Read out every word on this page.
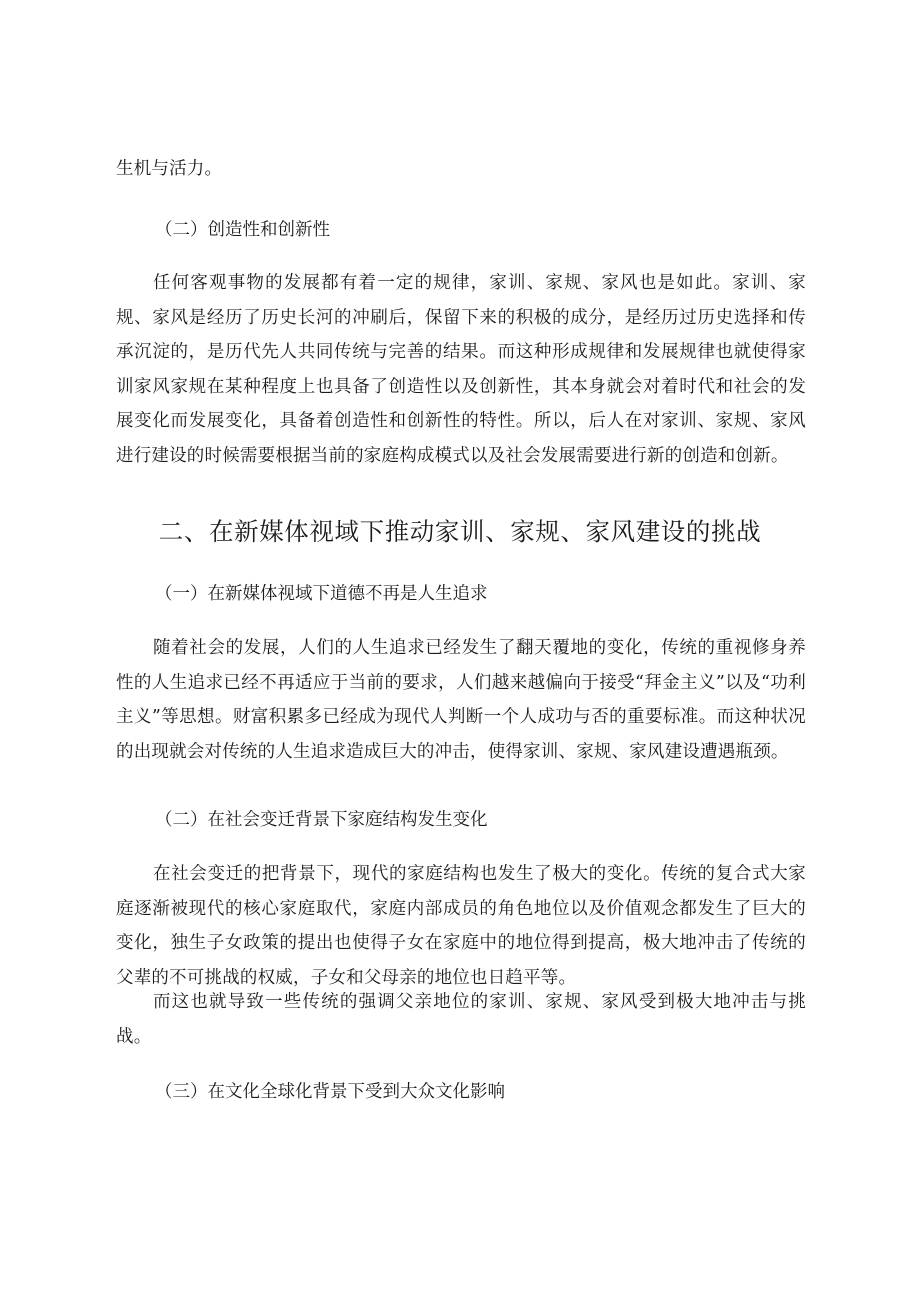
生机与活力。

（二）创造性和创新性

任何客观事物的发展都有着一定的规律，家训、家规、家风也是如此。家训、家规、家风是经历了历史长河的冲刷后，保留下来的积极的成分，是经历过历史选择和传承沉淀的，是历代先人共同传统与完善的结果。而这种形成规律和发展规律也就使得家训家风家规在某种程度上也具备了创造性以及创新性，其本身就会对着时代和社会的发展变化而发展变化，具备着创造性和创新性的特性。所以，后人在对家训、家规、家风进行建设的时候需要根据当前的家庭构成模式以及社会发展需要进行新的创造和创新。

二、在新媒体视域下推动家训、家规、家风建设的挑战

（一）在新媒体视域下道德不再是人生追求

随着社会的发展，人们的人生追求已经发生了翻天覆地的变化，传统的重视修身养性的人生追求已经不再适应于当前的要求，人们越来越偏向于接受“拜金主义”以及“功利主义”等思想。财富积累多已经成为现代人判断一个人成功与否的重要标准。而这种状况的出现就会对传统的人生追求造成巨大的冲击，使得家训、家规、家风建设遭遇瓶颈。

（二）在社会变迁背景下家庭结构发生变化

在社会变迁的把背景下，现代的家庭结构也发生了极大的变化。传统的复合式大家庭逐渐被现代的核心家庭取代，家庭内部成员的角色地位以及价值观念都发生了巨大的变化，独生子女政策的提出也使得子女在家庭中的地位得到提高，极大地冲击了传统的父辈的不可挑战的权威，子女和父母亲的地位也日趋平等。

而这也就导致一些传统的强调父亲地位的家训、家规、家风受到极大地冲击与挑战。

（三）在文化全球化背景下受到大众文化影响
